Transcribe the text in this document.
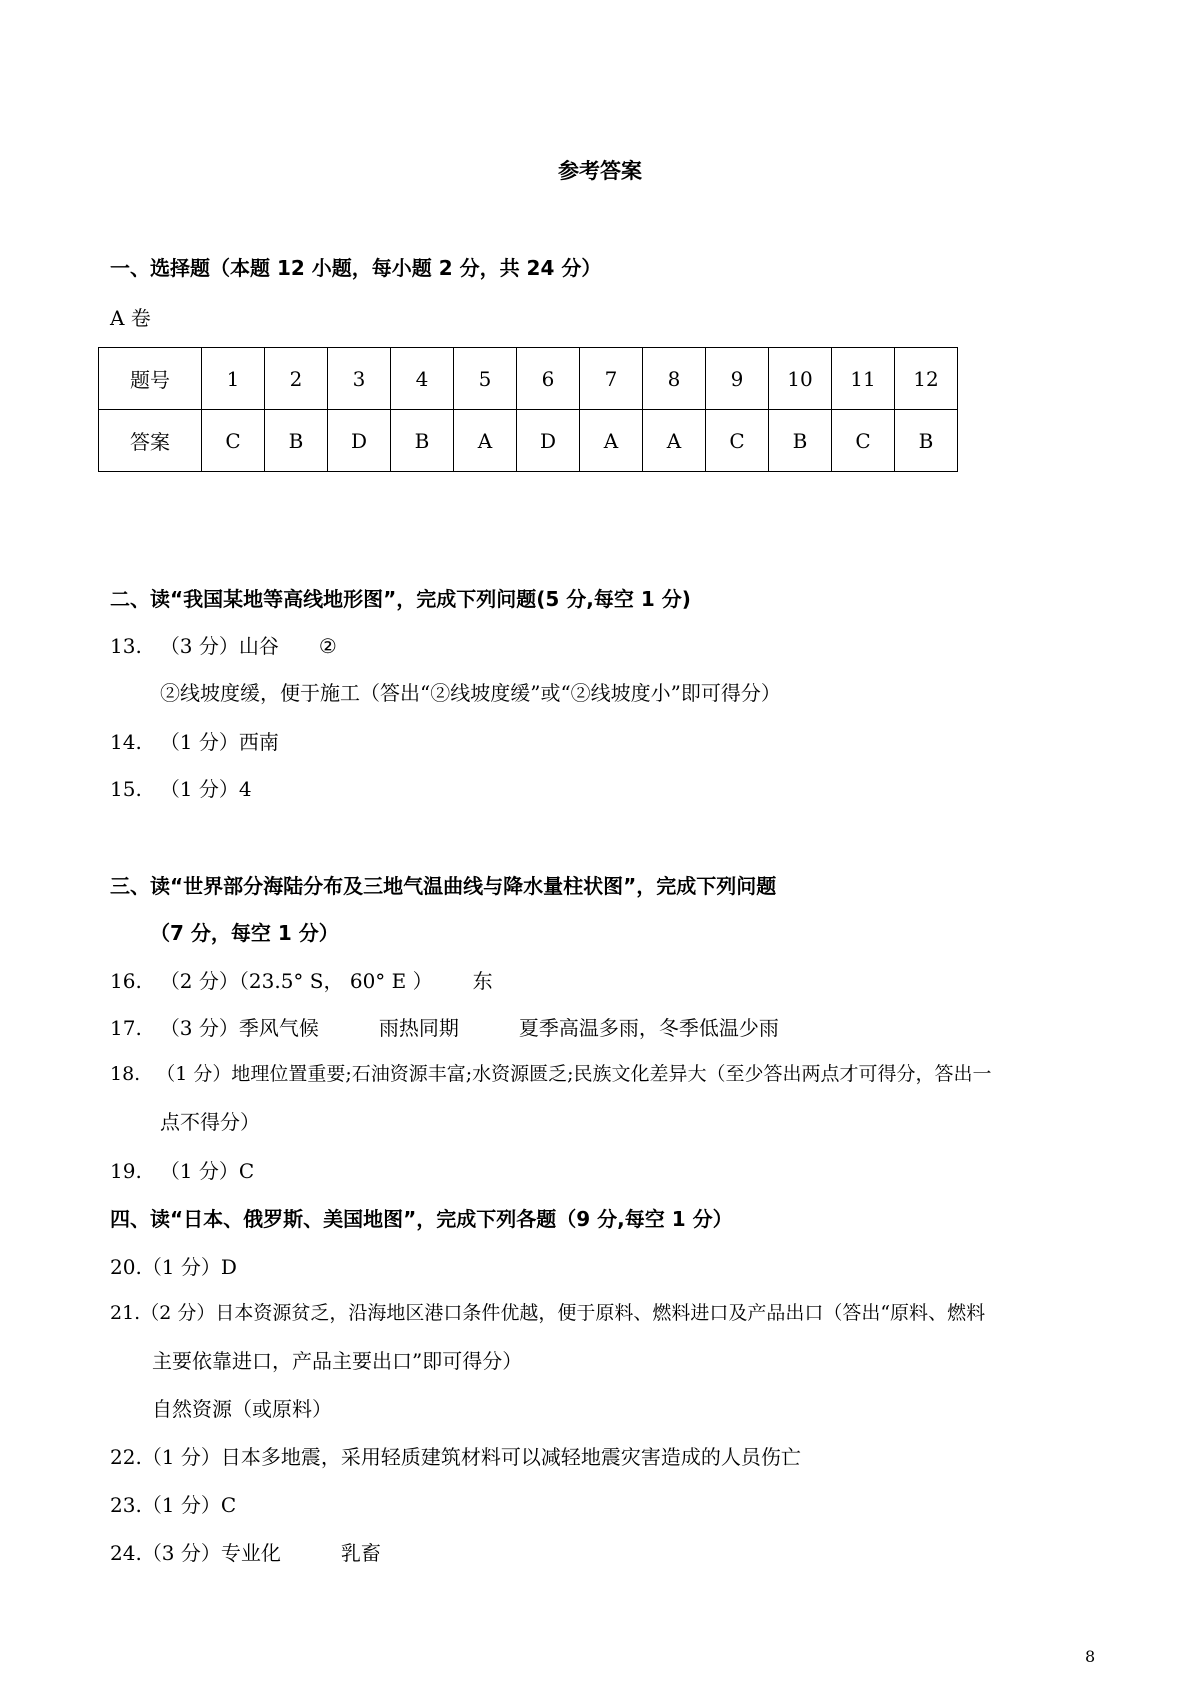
参考答案
一、选择题（本题 12 小题，每小题 2 分，共 24 分）
A 卷
题号	1	2	3	4	5	6	7	8	9	10	11	12
答案	C	B	D	B	A	D	A	A	C	B	C	B
二、读“我国某地等高线地形图”，完成下列问题(5 分,每空 1 分)
13. （3 分）山谷 ②
②线坡度缓，便于施工（答出“②线坡度缓”或“②线坡度小”即可得分）
14. （1 分）西南
15. （1 分）4
三、读“世界部分海陆分布及三地气温曲线与降水量柱状图”，完成下列问题
（7 分，每空 1 分）
16. （2 分）（23.5° S， 60° E ） 东
17. （3 分）季风气候	雨热同期	夏季高温多雨，冬季低温少雨
18. （1 分）地理位置重要;石油资源丰富;水资源匮乏;民族文化差异大（至少答出两点才可得分，答出一
点不得分）
19. （1 分）C
四、读“日本、俄罗斯、美国地图”，完成下列各题（9 分,每空 1 分）
20.（1 分）D
21.（2 分）日本资源贫乏，沿海地区港口条件优越，便于原料、燃料进口及产品出口（答出“原料、燃料
主要依靠进口，产品主要出口”即可得分）
自然资源（或原料）
22.（1 分）日本多地震，采用轻质建筑材料可以减轻地震灾害造成的人员伤亡
23.（1 分）C
24.（3 分）专业化	乳畜
8
